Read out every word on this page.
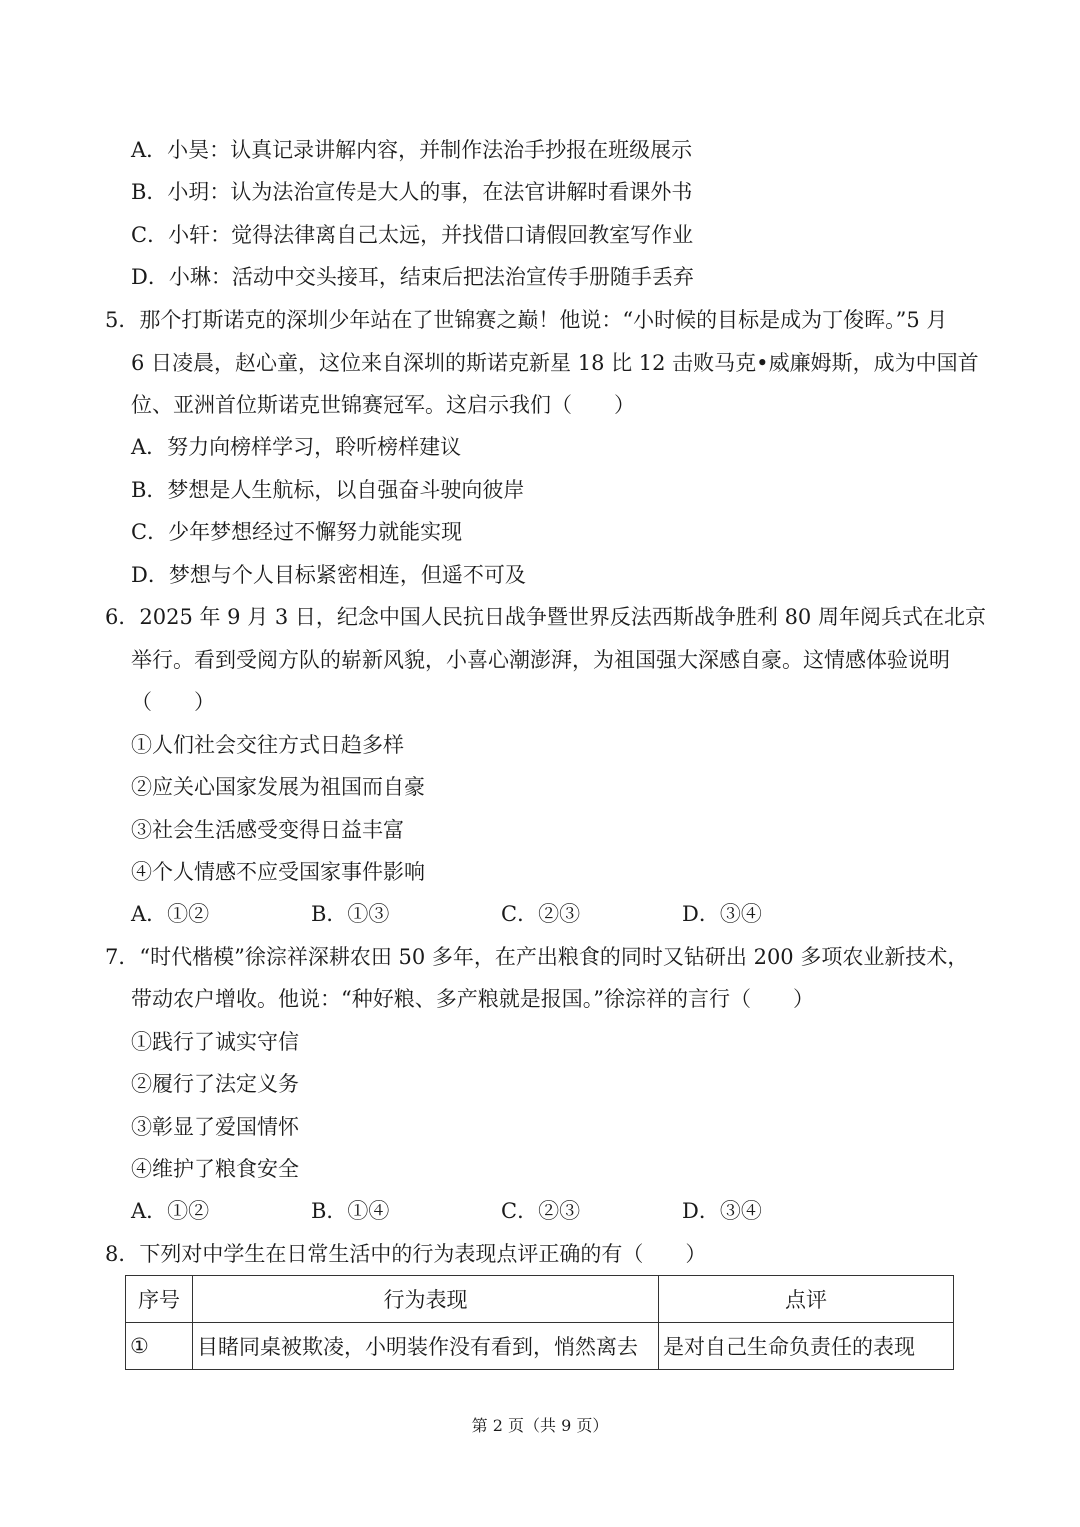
A．小昊：认真记录讲解内容，并制作法治手抄报在班级展示
B．小玥：认为法治宣传是大人的事，在法官讲解时看课外书
C．小轩：觉得法律离自己太远，并找借口请假回教室写作业
D．小琳：活动中交头接耳，结束后把法治宣传手册随手丢弃
5．那个打斯诺克的深圳少年站在了世锦赛之巅！他说：“小时候的目标是成为丁俊晖。”5 月
6 日凌晨，赵心童，这位来自深圳的斯诺克新星 18 比 12 击败马克•威廉姆斯，成为中国首
位、亚洲首位斯诺克世锦赛冠军。这启示我们（　　）
A．努力向榜样学习，聆听榜样建议
B．梦想是人生航标，以自强奋斗驶向彼岸
C．少年梦想经过不懈努力就能实现
D．梦想与个人目标紧密相连，但遥不可及
6．2025 年 9 月 3 日，纪念中国人民抗日战争暨世界反法西斯战争胜利 80 周年阅兵式在北京
举行。看到受阅方队的崭新风貌，小喜心潮澎湃，为祖国强大深感自豪。这情感体验说明
（　　）
①人们社会交往方式日趋多样
②应关心国家发展为祖国而自豪
③社会生活感受变得日益丰富
④个人情感不应受国家事件影响
A．①②	B．①③	C．②③	D．③④
7．“时代楷模”徐淙祥深耕农田 50 多年，在产出粮食的同时又钻研出 200 多项农业新技术，
带动农户增收。他说：“种好粮、多产粮就是报国。”徐淙祥的言行（　　）
①践行了诚实守信
②履行了法定义务
③彰显了爱国情怀
④维护了粮食安全
A．①②	B．①④	C．②③	D．③④
8．下列对中学生在日常生活中的行为表现点评正确的有（　　）
序号	行为表现	点评
①	目睹同桌被欺凌，小明装作没有看到，悄然离去	是对自己生命负责任的表现
第 2 页（共 9 页）
